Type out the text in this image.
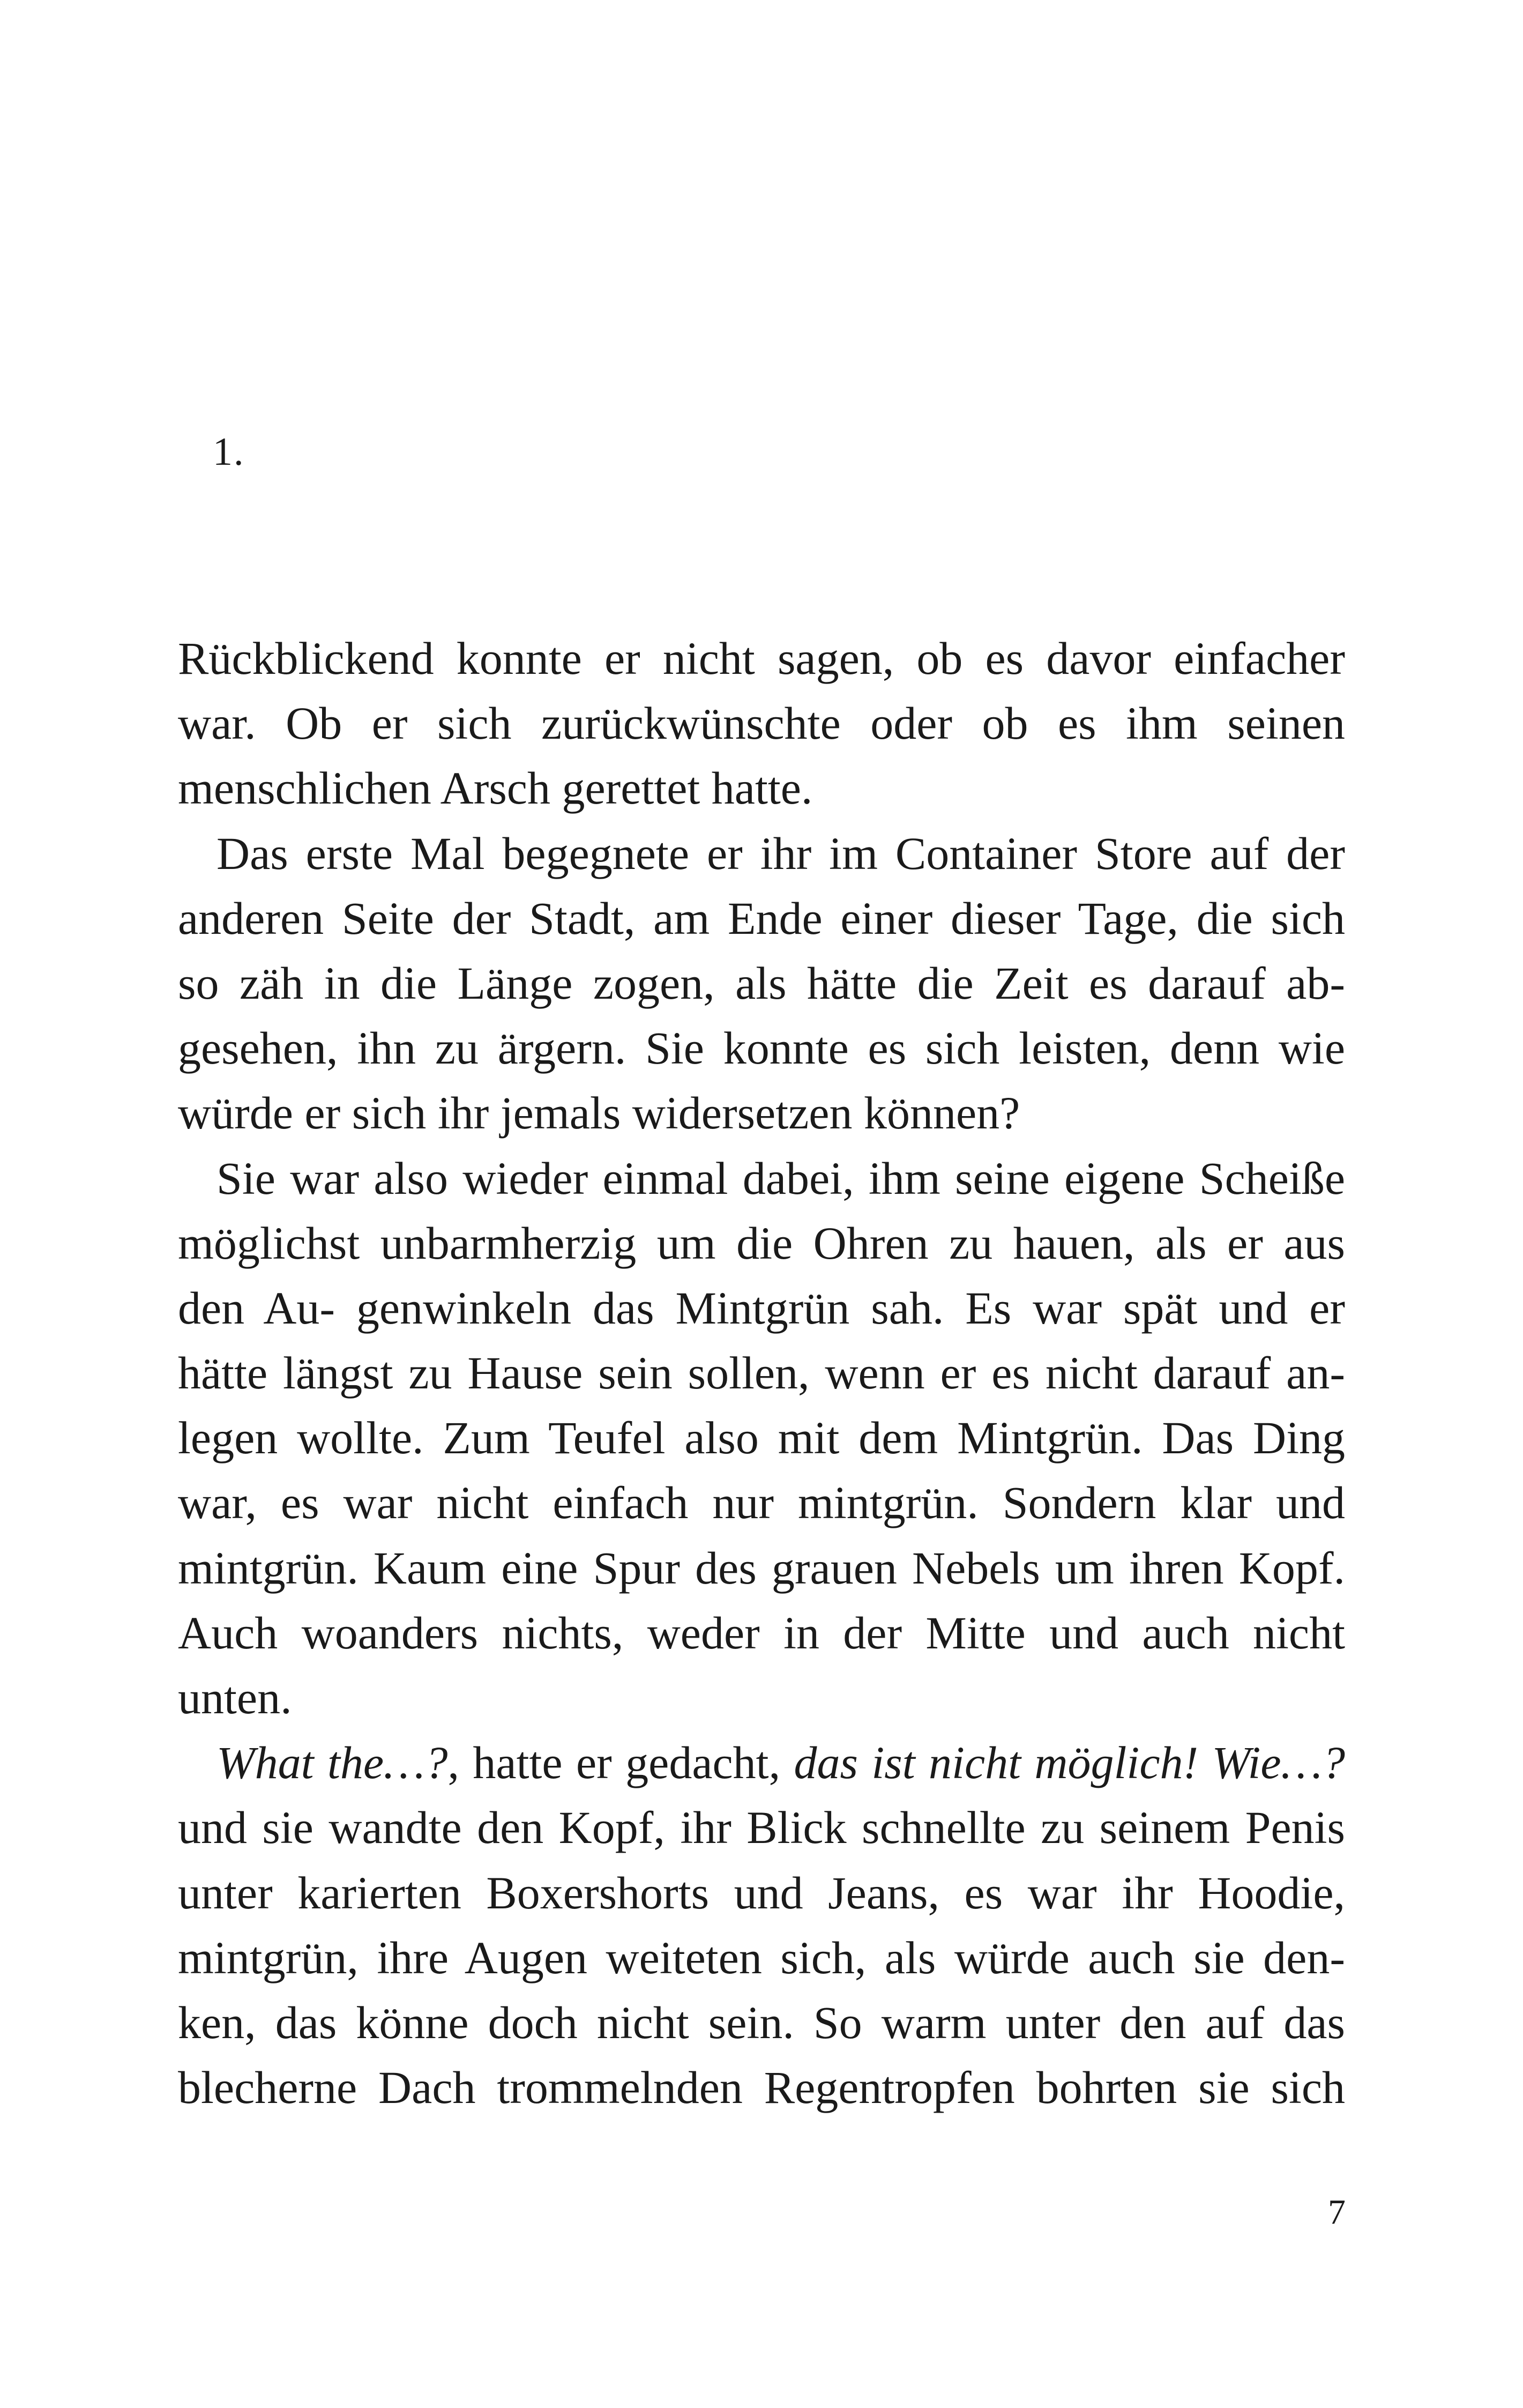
1.
Rückblickend konnte er nicht sagen, ob es davor einfacher
war. Ob er sich zurückwünschte oder ob es ihm seinen
menschlichen Arsch gerettet hatte.
Das erste Mal begegnete er ihr im Container Store auf der
anderen Seite der Stadt, am Ende einer dieser Tage, die sich
so zäh in die Länge zogen, als hätte die Zeit es darauf ab-
gesehen, ihn zu ärgern. Sie konnte es sich leisten, denn wie
würde er sich ihr jemals widersetzen können?
Sie war also wieder einmal dabei, ihm seine eigene Scheiße
möglichst unbarmherzig um die Ohren zu hauen, als er aus
den Au- genwinkeln das Mintgrün sah. Es war spät und er
hätte längst zu Hause sein sollen, wenn er es nicht darauf an-
legen wollte. Zum Teufel also mit dem Mintgrün. Das Ding
war, es war nicht einfach nur mintgrün. Sondern klar und
mintgrün. Kaum eine Spur des grauen Nebels um ihren Kopf.
Auch woanders nichts, weder in der Mitte und auch nicht
unten.
What the…?, hatte er gedacht, das ist nicht möglich! Wie…?
und sie wandte den Kopf, ihr Blick schnellte zu seinem Penis
unter karierten Boxershorts und Jeans, es war ihr Hoodie,
mintgrün, ihre Augen weiteten sich, als würde auch sie den-
ken, das könne doch nicht sein. So warm unter den auf das
blecherne Dach trommelnden Regentropfen bohrten sie sich
7
